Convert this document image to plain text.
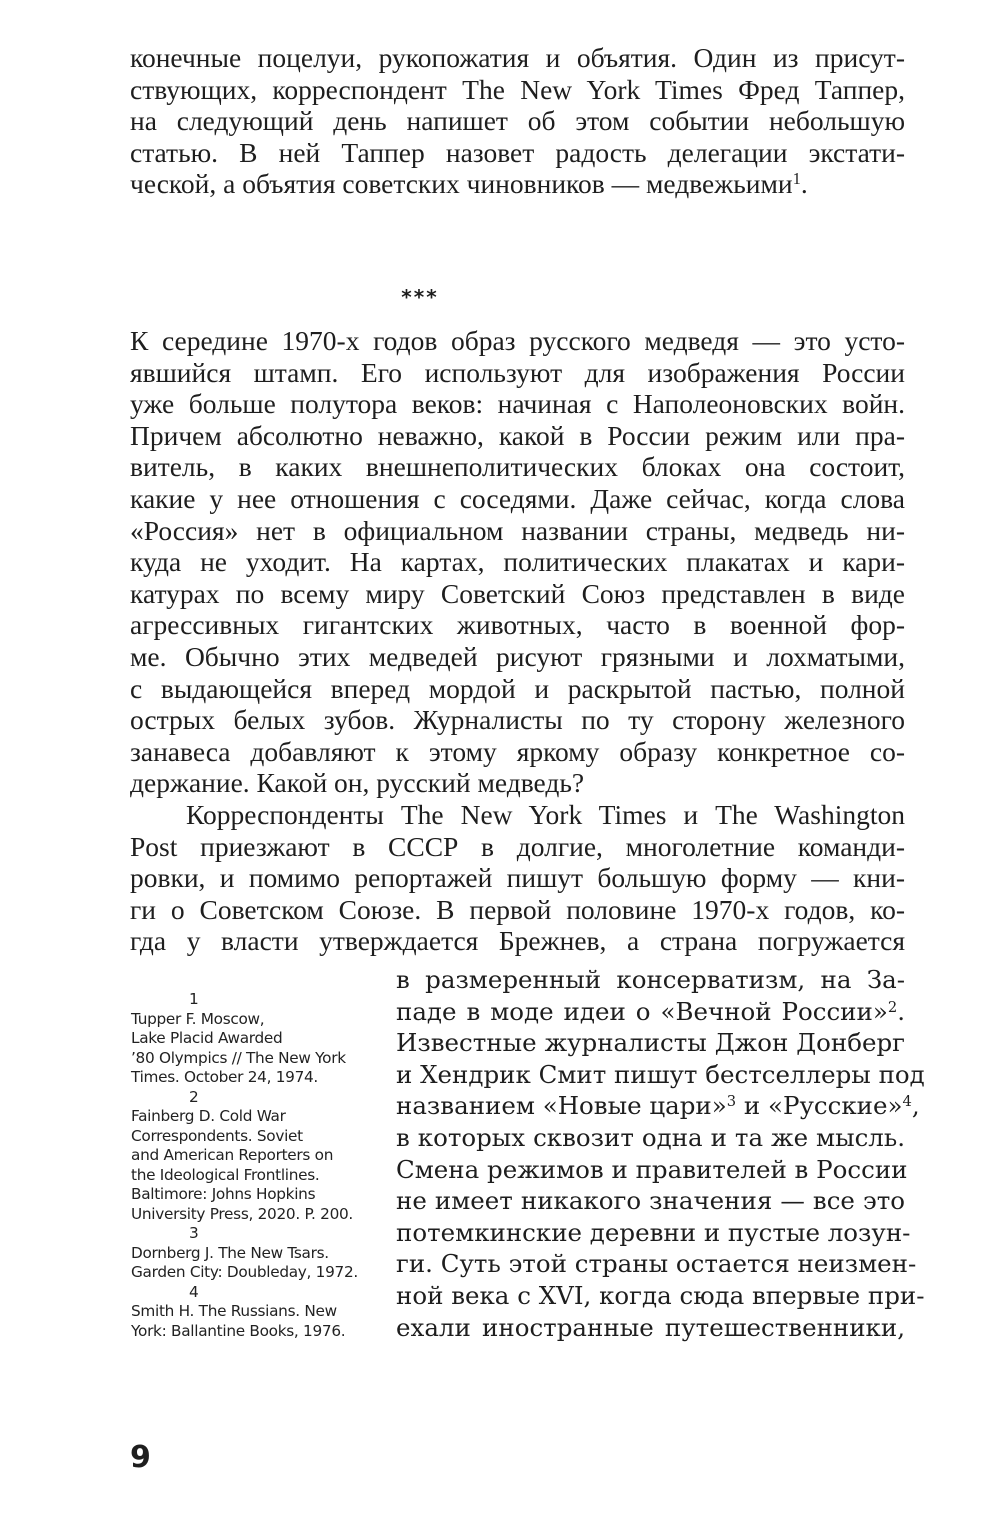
конечные поцелуи, рукопожатия и объятия. Один из присут-
ствующих, корреспондент The New York Times Фред Таппер,
на следующий день напишет об этом событии небольшую
статью. В ней Таппер назовет радость делегации экстати-
ческой, а объятия советских чиновников — медвежьими$^1$.
***
К середине 1970-х годов образ русского медведя — это усто-
явшийся штамп. Его используют для изображения России
уже больше полутора веков: начиная с Наполеоновских войн.
Причем абсолютно неважно, какой в России режим или пра-
витель, в каких внешнеполитических блоках она состоит,
какие у нее отношения с соседями. Даже сейчас, когда слова
«Россия» нет в официальном названии страны, медведь ни-
куда не уходит. На картах, политических плакатах и кари-
катурах по всему миру Советский Союз представлен в виде
агрессивных гигантских животных, часто в военной фор-
ме. Обычно этих медведей рисуют грязными и лохматыми,
с выдающейся вперед мордой и раскрытой пастью, полной
острых белых зубов. Журналисты по ту сторону железного
занавеса добавляют к этому яркому образу конкретное со-
держание. Какой он, русский медведь?
Корреспонденты The New York Times и The Washington
Post приезжают в СССР в долгие, многолетние команди-
ровки, и помимо репортажей пишут большую форму — кни-
ги о Советском Союзе. В первой половине 1970-х годов, ко-
гда у власти утверждается Брежнев, а страна погружается
в размеренный консерватизм, на За-
паде в моде идеи о «Вечной России»$^2$.
Известные журналисты Джон Донберг
и Хендрик Смит пишут бестселлеры под
названием «Новые цари»$^3$ и «Русские»$^4$,
в которых сквозит одна и та же мысль.
Смена режимов и правителей в России
не имеет никакого значения — все это
потемкинские деревни и пустые лозун-
ги. Суть этой страны остается неизмен-
ной века с XVI, когда сюда впервые при-
ехали иностранные путешественники,
1
Tupper F. Moscow,
Lake Placid Awarded
’80 Olympics // The New York
Times. October 24, 1974.
2
Fainberg D. Cold War
Correspondents. Soviet
and American Reporters on
the Ideological Frontlines.
Baltimore: Johns Hopkins
University Press, 2020. P. 200.
3
Dornberg J. The New Tsars.
Garden City: Doubleday, 1972.
4
Smith H. The Russians. New
York: Ballantine Books, 1976.
9
